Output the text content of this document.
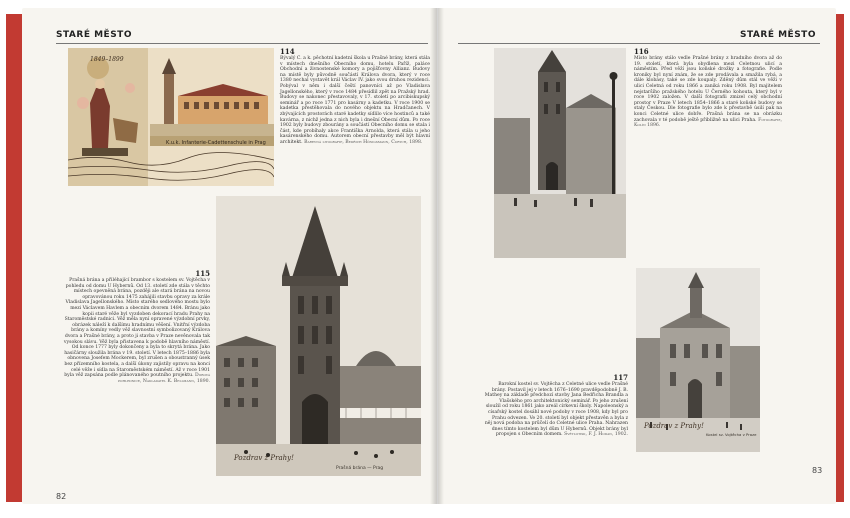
STARÉ MĚSTO
1849–1899
K.u.k. Infanterie-Cadettenschule in Prag
114
Bývalý C. a k. pěchotní kadetní škola u Prašné brány, která stála v místech dnešního Obecního domu, hotelu Paříž, paláce Obchodní a živnostenské komory a pojišťovny Allianz. Budovy na místě byly původně součástí Králova dvora, který v roce 1380 nechal vystavět král Václav IV. jako svou druhou rezidenci. Pobýval v něm i další čeští panovníci až po Vladislava Jagellonského, který v roce 1484 přesídlil zpět na Pražský hrad. Budovy se nakonec přestavovaly, v 17. století po arcibiskupský seminář a po roce 1771 pro kasárny a kadetku. V roce 1900 se kadetka přestěhovala do nového objektu na Hradčanech. V zbývajících prostorách staré kadetky sídlilo více hostinců a také kavárna, z nichž jedna z nich byla i dnešní Obecní dům. Po roce 1902 byly budovy zbourány a součástí Obecního domu se stala i část, kde probíhaly akce Františka Arnolda, která stála u jeho kasárenského domu. Autorem obecní přestavby měl být hlavní architekt. Barevná litografie, Bedřich Hönigsmann, Curych, 1898.
115
Prašná brána a přiléhající brambor s kostelem sv. Vojtěcha v pohledu od domu U Hybernů. Od 13. století zde stála v těchto místech opevněná brána, později ale stará brána na novou opravovánou roku 1475 zahájili stavbu opravy za krále Vladislava Jagellonského. Místo starého sedlového mostu bylo mezi Václavem Havlem a obecním dvorem 1484. Bránu jako kopii staré věže byl vyzdoben dekorací hradu Prahy na Staroměstské radnici. Věž měla nyní opravené výzdobní prvky, obrázek náleží k dalšímu hradnímu věšení. Vnitřní výzdoba brány a komíny vedly věž slavnostní symbolizovaný Králova dvora a Prašné brány, a proto ji stavba v Praze nevěnovala tak vysokou slávu. Věž byla přistavena k podobě hlavního náměstí. Od konce 1777 byly dokončeny a byla to skrytá brána. Jako hasičárny sloužila brána v 19. století. V letech 1875–1886 byla obnovena Josefem Mockerem, byl zrušen a oboustranný úsek bez přízemního kostela, a další úkony zajistily opravu na konci celé věže i sídla na Staroměstském náměstí. Až v roce 1901 byla věž zapsána podle plánovaného poutního projektu. Dobová pohlednice, Nakladatel K. Bellmann, 1890.
Pozdrav z Prahy!
Prašná brána — Prag
82
STARÉ MĚSTO
116
Místo brány stálo vedle Prašné brány z hradního dvora až do 19. století, která byla obydlena mezi Celetnou ulicí a náměstím. Před věží jsou koňské drožky a fotografie. Podle kroniky byl nyní znám, že se zde prodávala a smažila rybá, a dále klobásy, také se zde koupaly. Zděný dům stál ve věži v ulici Celetná od roku 1866 a zaniká roku 1908. Byl majitelem nejstaršího pražského hotelu U Černého kohouta, který byl v roce 1902 založen. V další fotografii zmizel celý obchodní prostor v Praze V letech 1854–1866 a staré koňské budovy se staly Českou. Dle fotografie bylo zde k přestavbě úsilí pak na konci Celetné ulice dobře. Prašná brána se na obrázku zachovala v té podobě ještě přibližně na ulici Praha. Fotografie, Kolín 1896.
117
Barokní kostel sv. Vojtěcha z Celetné ulice vedle Prašné brány. Postavil jej v letech 1676–1690 pravděpodobně J. B. Mathey na základě předchozí stavby Jana Bedřicha Brandla a Vlašského pro architektonický seminář. Po jeho zrušení sloužil od roku 1861 jako areál církevní školy. Napoleonský a císařský kostel dosáhl nové podoby v roce 1908, kdy byl pro Prahu odvezen. Ve 20. století byl objekt přestavěn a byla z něj nová podoba na průčelí do Celetné ulice Praha. Nahrazen dnes tímto kostelem byl dům U Hybernů. Objekt brány byl propojen s Obecním domem. Světlotisk, F. J. Hodan, 1902.
Pozdrav z Prahy!
Kostel sv. Vojtěcha v Praze
83
